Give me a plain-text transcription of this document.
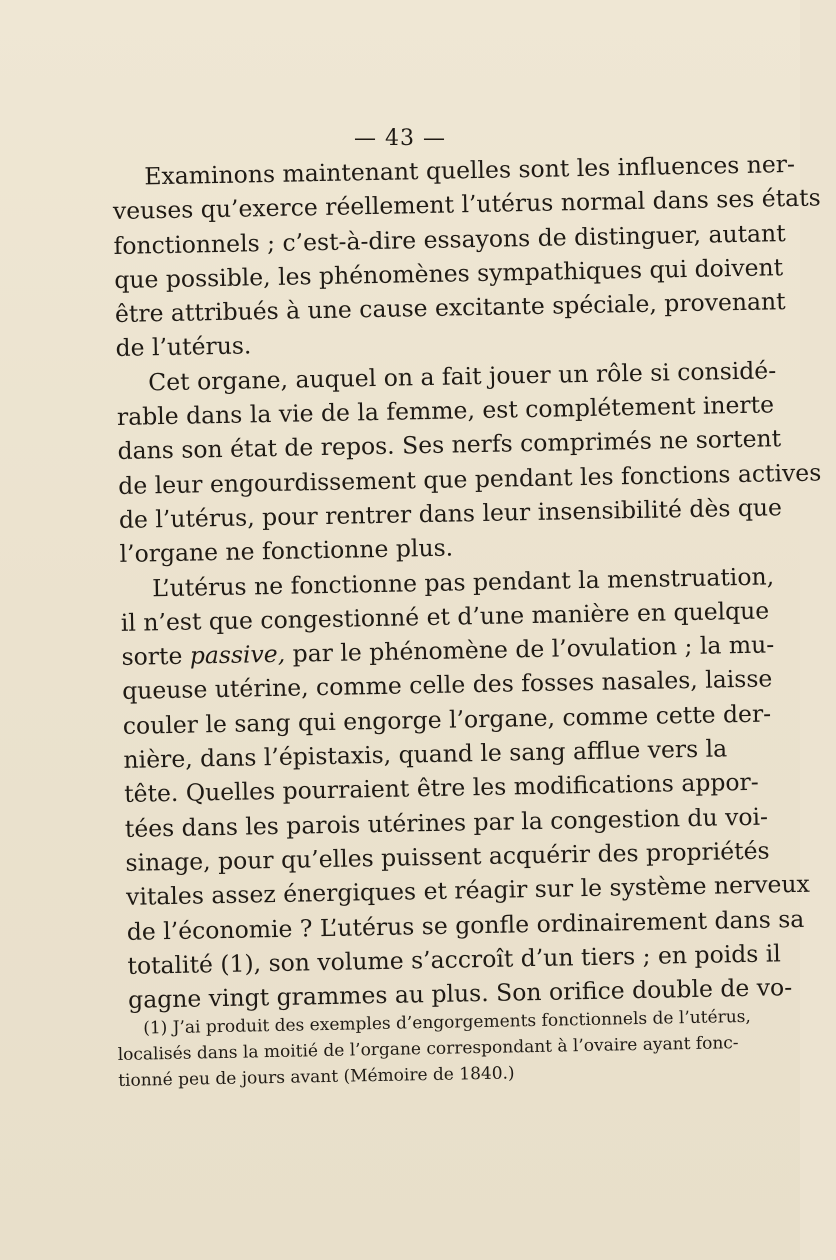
— 43 —
Examinons maintenant quelles sont les influences ner-
veuses qu’exerce réellement l’utérus normal dans ses états
fonctionnels ; c’est-à-dire essayons de distinguer, autant
que possible, les phénomènes sympathiques qui doivent
être attribués à une cause excitante spéciale, provenant
de l’utérus.
Cet organe, auquel on a fait jouer un rôle si considé-
rable dans la vie de la femme, est complétement inerte
dans son état de repos. Ses nerfs comprimés ne sortent
de leur engourdissement que pendant les fonctions actives
de l’utérus, pour rentrer dans leur insensibilité dès que
l’organe ne fonctionne plus.
L’utérus ne fonctionne pas pendant la menstruation,
il n’est que congestionné et d’une manière en quelque
sorte passive, par le phénomène de l’ovulation ; la mu-
queuse utérine, comme celle des fosses nasales, laisse
couler le sang qui engorge l’organe, comme cette der-
nière, dans l’épistaxis, quand le sang afflue vers la
tête. Quelles pourraient être les modifications appor-
tées dans les parois utérines par la congestion du voi-
sinage, pour qu’elles puissent acquérir des propriétés
vitales assez énergiques et réagir sur le système nerveux
de l’économie ? L’utérus se gonfle ordinairement dans sa
totalité (1), son volume s’accroît d’un tiers ; en poids il
gagne vingt grammes au plus. Son orifice double de vo-
(1) J’ai produit des exemples d’engorgements fonctionnels de l’utérus,
localisés dans la moitié de l’organe correspondant à l’ovaire ayant fonc-
tionné peu de jours avant (Mémoire de 1840.)
